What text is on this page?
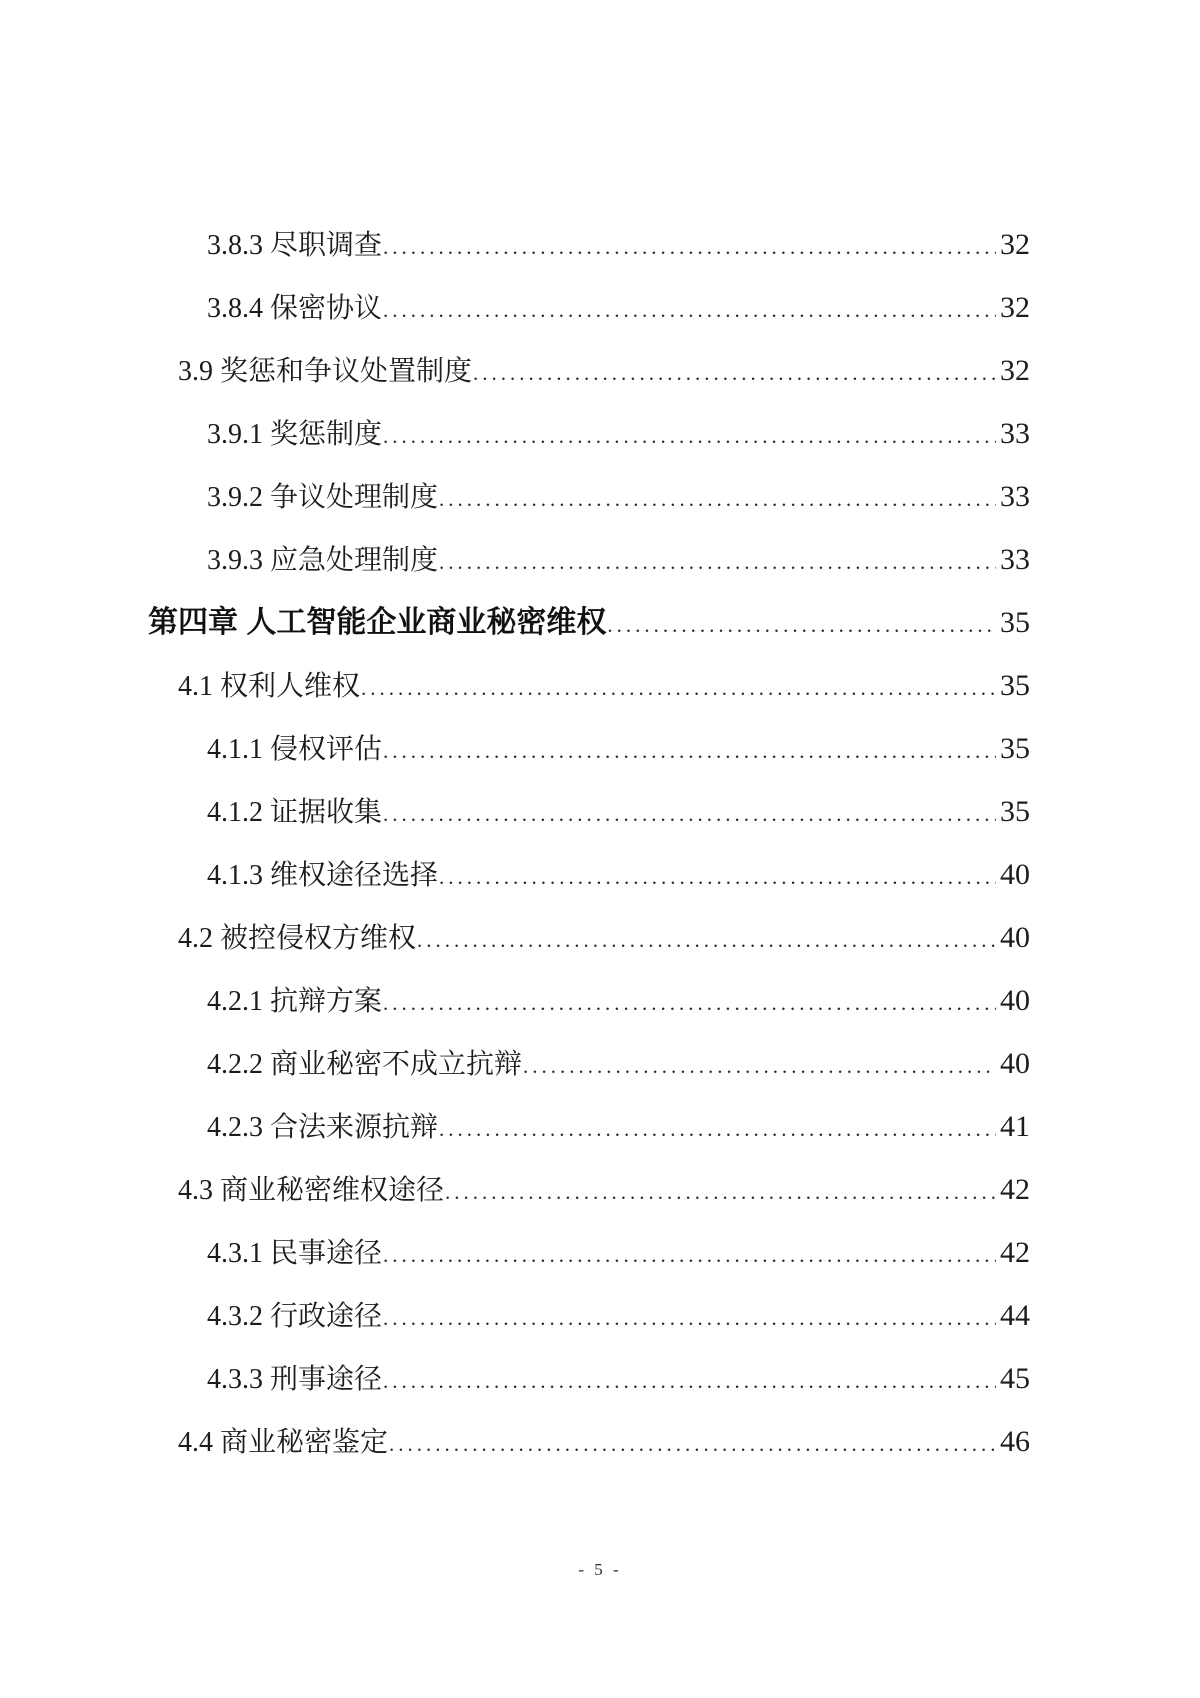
3.8.3 尽职调查 .....	32
3.8.4 保密协议 .....	32
3.9 奖惩和争议处置制度 .....	32
3.9.1 奖惩制度 .....	33
3.9.2 争议处理制度 .....	33
3.9.3 应急处理制度 .....	33
第四章 人工智能企业商业秘密维权 .....	35
4.1 权利人维权 .....	35
4.1.1 侵权评估 .....	35
4.1.2 证据收集 .....	35
4.1.3 维权途径选择 .....	40
4.2 被控侵权方维权 .....	40
4.2.1 抗辩方案 .....	40
4.2.2 商业秘密不成立抗辩 .....	40
4.2.3 合法来源抗辩 .....	41
4.3 商业秘密维权途径 .....	42
4.3.1 民事途径 .....	42
4.3.2 行政途径 .....	44
4.3.3 刑事途径 .....	45
4.4 商业秘密鉴定 .....	46
- 5 -
